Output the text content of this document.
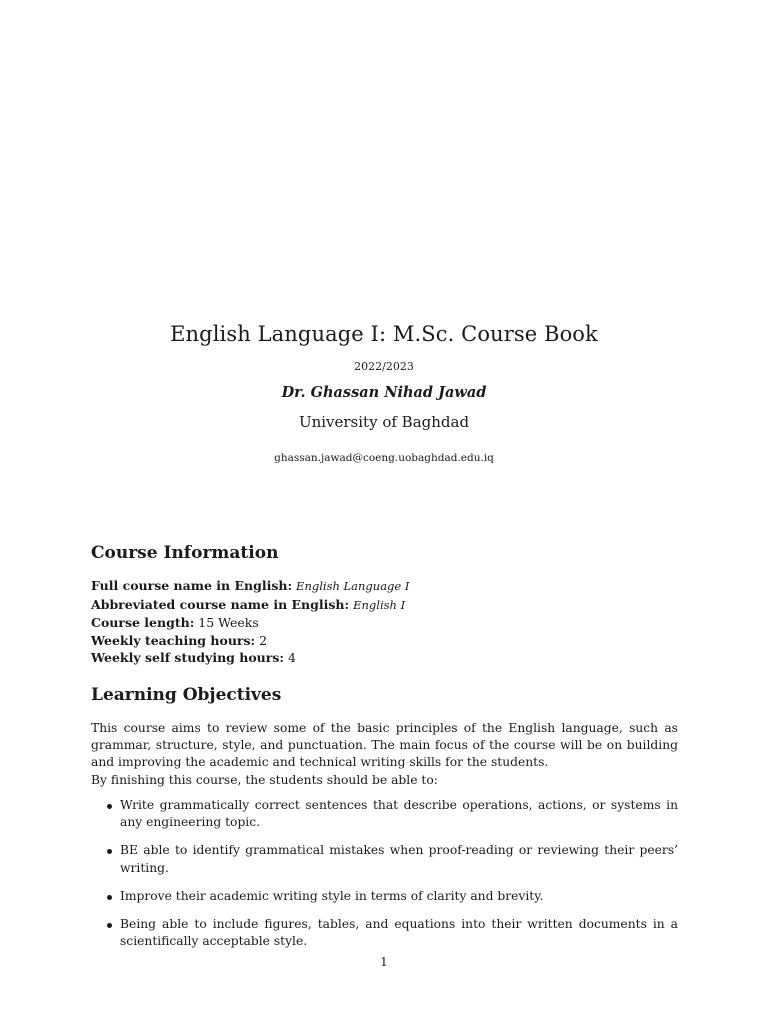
English Language I: M.Sc. Course Book
2022/2023
Dr. Ghassan Nihad Jawad
University of Baghdad
ghassan.jawad@coeng.uobaghdad.edu.iq
Course Information
Full course name in English: English Language I
Abbreviated course name in English: English I
Course length: 15 Weeks
Weekly teaching hours: 2
Weekly self studying hours: 4
Learning Objectives
This course aims to review some of the basic principles of the English language, such as grammar, structure, style, and punctuation. The main focus of the course will be on building and improving the academic and technical writing skills for the students.
By finishing this course, the students should be able to:
Write grammatically correct sentences that describe operations, actions, or systems in any engineering topic.
BE able to identify grammatical mistakes when proof-reading or reviewing their peers’ writing.
Improve their academic writing style in terms of clarity and brevity.
Being able to include figures, tables, and equations into their written documents in a scientifically acceptable style.
1
